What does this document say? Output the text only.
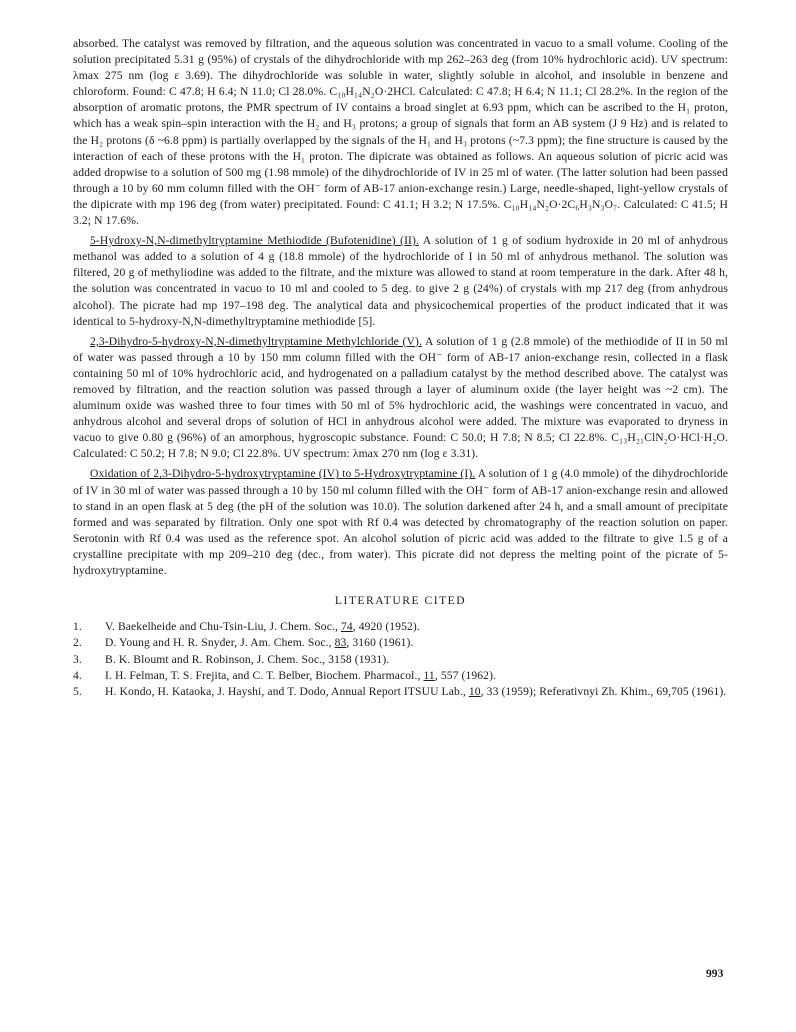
absorbed. The catalyst was removed by filtration, and the aqueous solution was concentrated in vacuo to a small volume. Cooling of the solution precipitated 5.31 g (95%) of crystals of the dihydrochloride with mp 262–263 deg (from 10% hydrochloric acid). UV spectrum: λmax 275 nm (log ε 3.69). The dihydrochloride was soluble in water, slightly soluble in alcohol, and insoluble in benzene and chloroform. Found: C 47.8; H 6.4; N 11.0; Cl 28.0%. C₁₀H₁₄N₂O·2HCl. Calculated: C 47.8; H 6.4; N 11.1; Cl 28.2%. In the region of the absorption of aromatic protons, the PMR spectrum of IV contains a broad singlet at 6.93 ppm, which can be ascribed to the H₁ proton, which has a weak spin–spin interaction with the H₂ and H₃ protons; a group of signals that form an AB system (J 9 Hz) and is related to the H₂ protons (δ ~6.8 ppm) is partially overlapped by the signals of the H₁ and H₃ protons (~7.3 ppm); the fine structure is caused by the interaction of each of these protons with the H₁ proton. The dipicrate was obtained as follows. An aqueous solution of picric acid was added dropwise to a solution of 500 mg (1.98 mmole) of the dihydrochloride of IV in 25 ml of water. (The latter solution had been passed through a 10 by 60 mm column filled with the OH⁻ form of AB-17 anion-exchange resin.) Large, needle-shaped, light-yellow crystals of the dipicrate with mp 196 deg (from water) precipitated. Found: C 41.1; H 3.2; N 17.5%. C₁₀H₁₄N₂O·2C₆H₃N₃O₇. Calculated: C 41.5; H 3.2; N 17.6%.

5-Hydroxy-N,N-dimethyltryptamine Methiodide (Bufotenidine) (II). A solution of 1 g of sodium hydroxide in 20 ml of anhydrous methanol was added to a solution of 4 g (18.8 mmole) of the hydrochloride of I in 50 ml of anhydrous methanol. The solution was filtered, 20 g of methyliodine was added to the filtrate, and the mixture was allowed to stand at room temperature in the dark. After 48 h, the solution was concentrated in vacuo to 10 ml and cooled to 5 deg. to give 2 g (24%) of crystals with mp 217 deg (from anhydrous alcohol). The picrate had mp 197–198 deg. The analytical data and physicochemical properties of the product indicated that it was identical to 5-hydroxy-N,N-dimethyltryptamine methiodide [5].

2,3-Dihydro-5-hydroxy-N,N-dimethyltryptamine Methylchloride (V). A solution of 1 g (2.8 mmole) of the methiodide of II in 50 ml of water was passed through a 10 by 150 mm column filled with the OH⁻ form of AB-17 anion-exchange resin, collected in a flask containing 50 ml of 10% hydrochloric acid, and hydrogenated on a palladium catalyst by the method described above. The catalyst was removed by filtration, and the reaction solution was passed through a layer of aluminum oxide (the layer height was ~2 cm). The aluminum oxide was washed three to four times with 50 ml of 5% hydrochloric acid, the washings were concentrated in vacuo, and anhydrous alcohol and several drops of solution of HCl in anhydrous alcohol were added. The mixture was evaporated to dryness in vacuo to give 0.80 g (96%) of an amorphous, hygroscopic substance. Found: C 50.0; H 7.8; N 8.5; Cl 22.8%. C₁₃H₂₁ClN₂O·HCl·H₂O. Calculated: C 50.2; H 7.8; N 9.0; Cl 22.8%. UV spectrum: λmax 270 nm (log ε 3.31).

Oxidation of 2,3-Dihydro-5-hydroxytryptamine (IV) to 5-Hydroxytryptamine (I). A solution of 1 g (4.0 mmole) of the dihydrochloride of IV in 30 ml of water was passed through a 10 by 150 ml column filled with the OH⁻ form of AB-17 anion-exchange resin and allowed to stand in an open flask at 5 deg (the pH of the solution was 10.0). The solution darkened after 24 h, and a small amount of precipitate formed and was separated by filtration. Only one spot with Rf 0.4 was detected by chromatography of the reaction solution on paper. Serotonin with Rf 0.4 was used as the reference spot. An alcohol solution of picric acid was added to the filtrate to give 1.5 g of a crystalline precipitate with mp 209–210 deg (dec., from water). This picrate did not depress the melting point of the picrate of 5-hydroxytryptamine.

LITERATURE CITED
1.	V. Baekelheide and Chu-Tsin-Liu, J. Chem. Soc., 74, 4920 (1952).
2.	D. Young and H. R. Snyder, J. Am. Chem. Soc., 83, 3160 (1961).
3.	B. K. Bloumt and R. Robinson, J. Chem. Soc., 3158 (1931).
4.	I. H. Felman, T. S. Frejita, and C. T. Belber, Biochem. Pharmacol., 11, 557 (1962).
5.	H. Kondo, H. Kataoka, J. Hayshi, and T. Dodo, Annual Report ITSUU Lab., 10, 33 (1959); Referativnyi Zh. Khim., 69,705 (1961).
993
